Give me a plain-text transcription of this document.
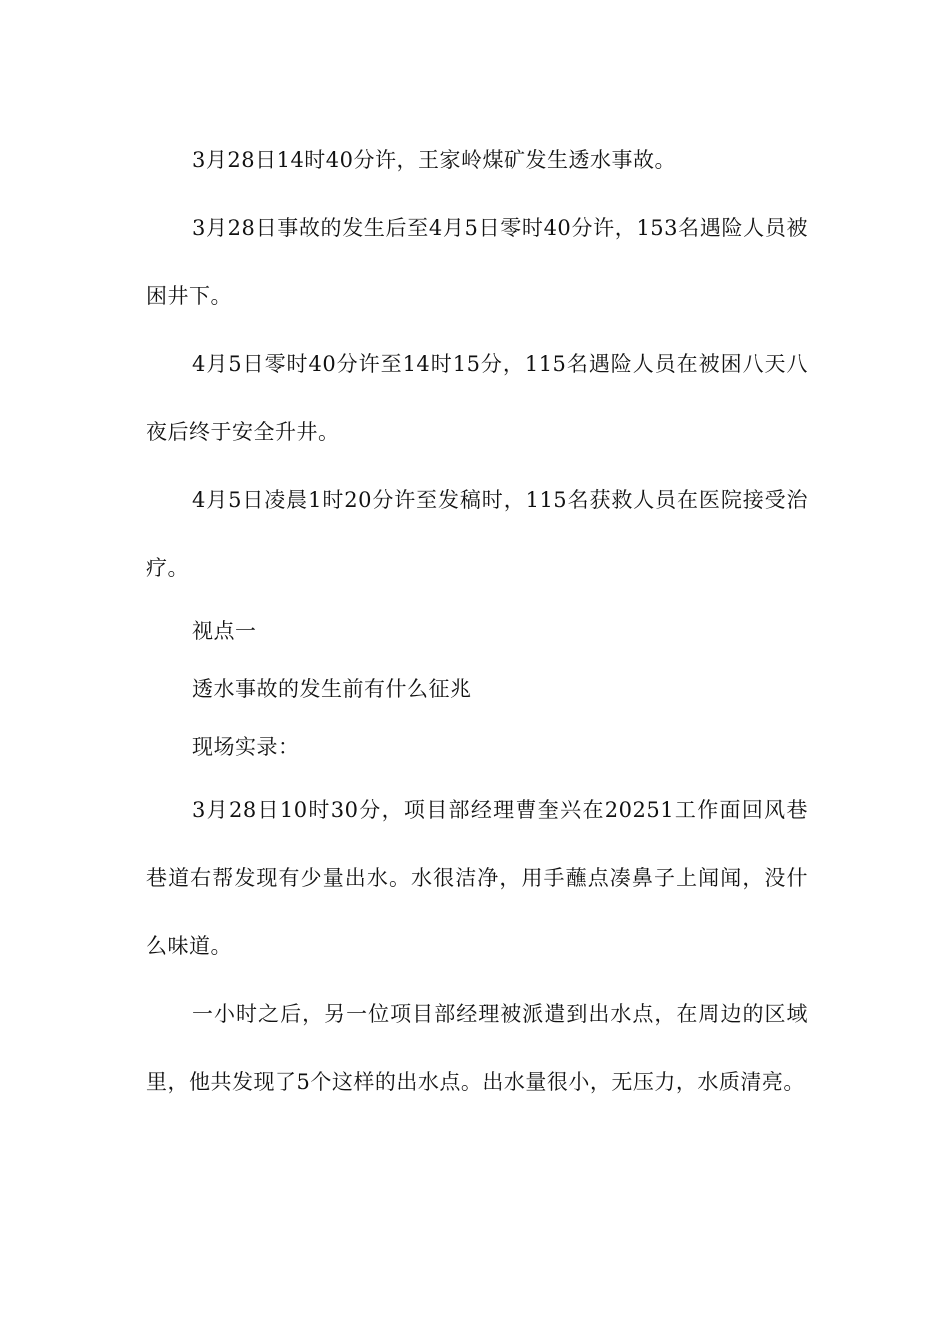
3月28日14时40分许，王家岭煤矿发生透水事故。

3月28日事故的发生后至4月5日零时40分许，153名遇险人员被困井下。

4月5日零时40分许至14时15分，115名遇险人员在被困八天八夜后终于安全升井。

4月5日凌晨1时20分许至发稿时，115名获救人员在医院接受治疗。

视点一

透水事故的发生前有什么征兆

现场实录：

3月28日10时30分，项目部经理曹奎兴在20251工作面回风巷巷道右帮发现有少量出水。水很洁净，用手蘸点凑鼻子上闻闻，没什么味道。

一小时之后，另一位项目部经理被派遣到出水点，在周边的区域里，他共发现了5个这样的出水点。出水量很小，无压力，水质清亮。
